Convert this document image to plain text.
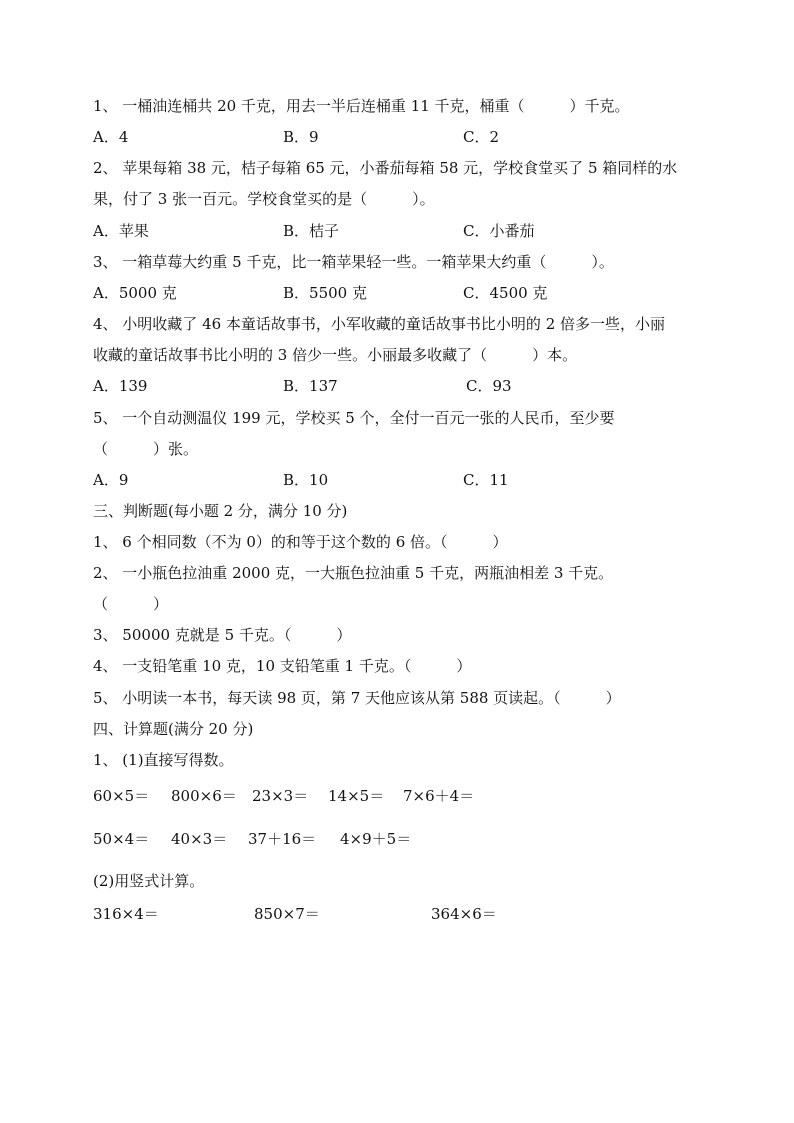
1、 一桶油连桶共 20 千克，用去一半后连桶重 11 千克，桶重（　　　）千克。
A．4	B．9	C．2
2、 苹果每箱 38 元，桔子每箱 65 元，小番茄每箱 58 元，学校食堂买了 5 箱同样的水
果，付了 3 张一百元。学校食堂买的是（　　　）。
A．苹果	B．桔子	C．小番茄
3、 一箱草莓大约重 5 千克，比一箱苹果轻一些。一箱苹果大约重（　　　）。
A．5000 克	B．5500 克	C．4500 克
4、 小明收藏了 46 本童话故事书，小军收藏的童话故事书比小明的 2 倍多一些，小丽
收藏的童话故事书比小明的 3 倍少一些。小丽最多收藏了（　　　）本。
A．139	B．137	C．93
5、 一个自动测温仪 199 元，学校买 5 个，全付一百元一张的人民币，至少要
（　　　）张。
A．9	B．10	C．11
三、判断题(每小题 2 分，满分 10 分)
1、 6 个相同数（不为 0）的和等于这个数的 6 倍。（　　　）
2、 一小瓶色拉油重 2000 克，一大瓶色拉油重 5 千克，两瓶油相差 3 千克。
（　　　）
3、 50000 克就是 5 千克。（　　　）
4、 一支铅笔重 10 克，10 支铅笔重 1 千克。（　　　）
5、 小明读一本书，每天读 98 页，第 7 天他应该从第 588 页读起。（　　　）
四、计算题(满分 20 分)
1、 (1)直接写得数。
60×5＝ 800×6＝ 23×3＝ 14×5＝ 7×6＋4＝
50×4＝ 40×3＝ 37＋16＝ 4×9＋5＝
(2)用竖式计算。
316×4＝	850×7＝	364×6＝
